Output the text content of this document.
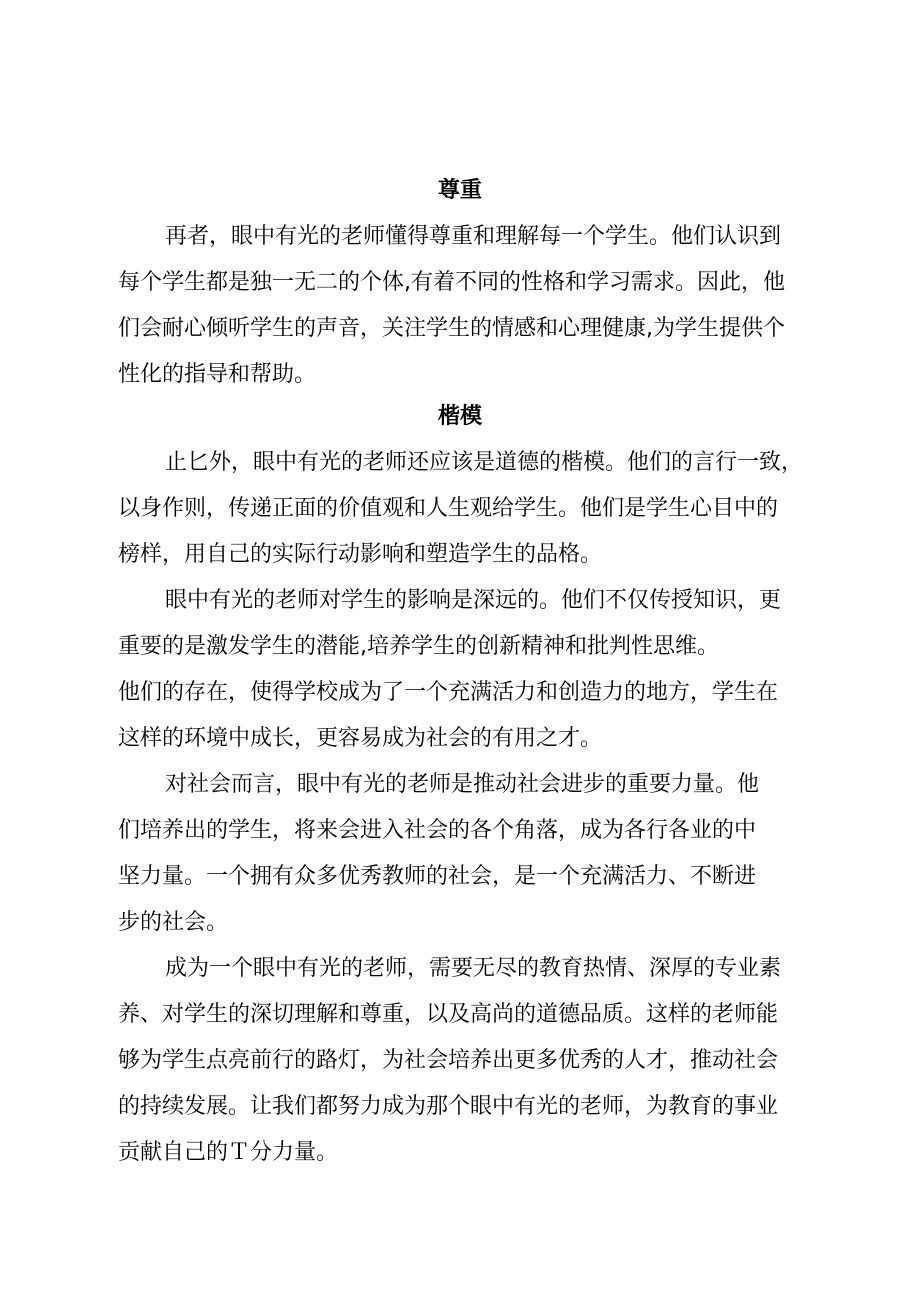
尊重
再者，眼中有光的老师懂得尊重和理解每一个学生。他们认识到
每个学生都是独一无二的个体,有着不同的性格和学习需求。因此，他
们会耐心倾听学生的声音，关注学生的情感和心理健康,为学生提供个
性化的指导和帮助。
楷模
止匕外，眼中有光的老师还应该是道德的楷模。他们的言行一致，
以身作则，传递正面的价值观和人生观给学生。他们是学生心目中的
榜样，用自己的实际行动影响和塑造学生的品格。
眼中有光的老师对学生的影响是深远的。他们不仅传授知识，更
重要的是激发学生的潜能,培养学生的创新精神和批判性思维。
他们的存在，使得学校成为了一个充满活力和创造力的地方，学生在
这样的环境中成长，更容易成为社会的有用之才。
对社会而言，眼中有光的老师是推动社会进步的重要力量。他
们培养出的学生，将来会进入社会的各个角落，成为各行各业的中
坚力量。一个拥有众多优秀教师的社会，是一个充满活力、不断进
步的社会。
成为一个眼中有光的老师，需要无尽的教育热情、深厚的专业素
养、对学生的深切理解和尊重，以及高尚的道德品质。这样的老师能
够为学生点亮前行的路灯，为社会培养出更多优秀的人才，推动社会
的持续发展。让我们都努力成为那个眼中有光的老师，为教育的事业
贡献自己的Ｔ分力量。
